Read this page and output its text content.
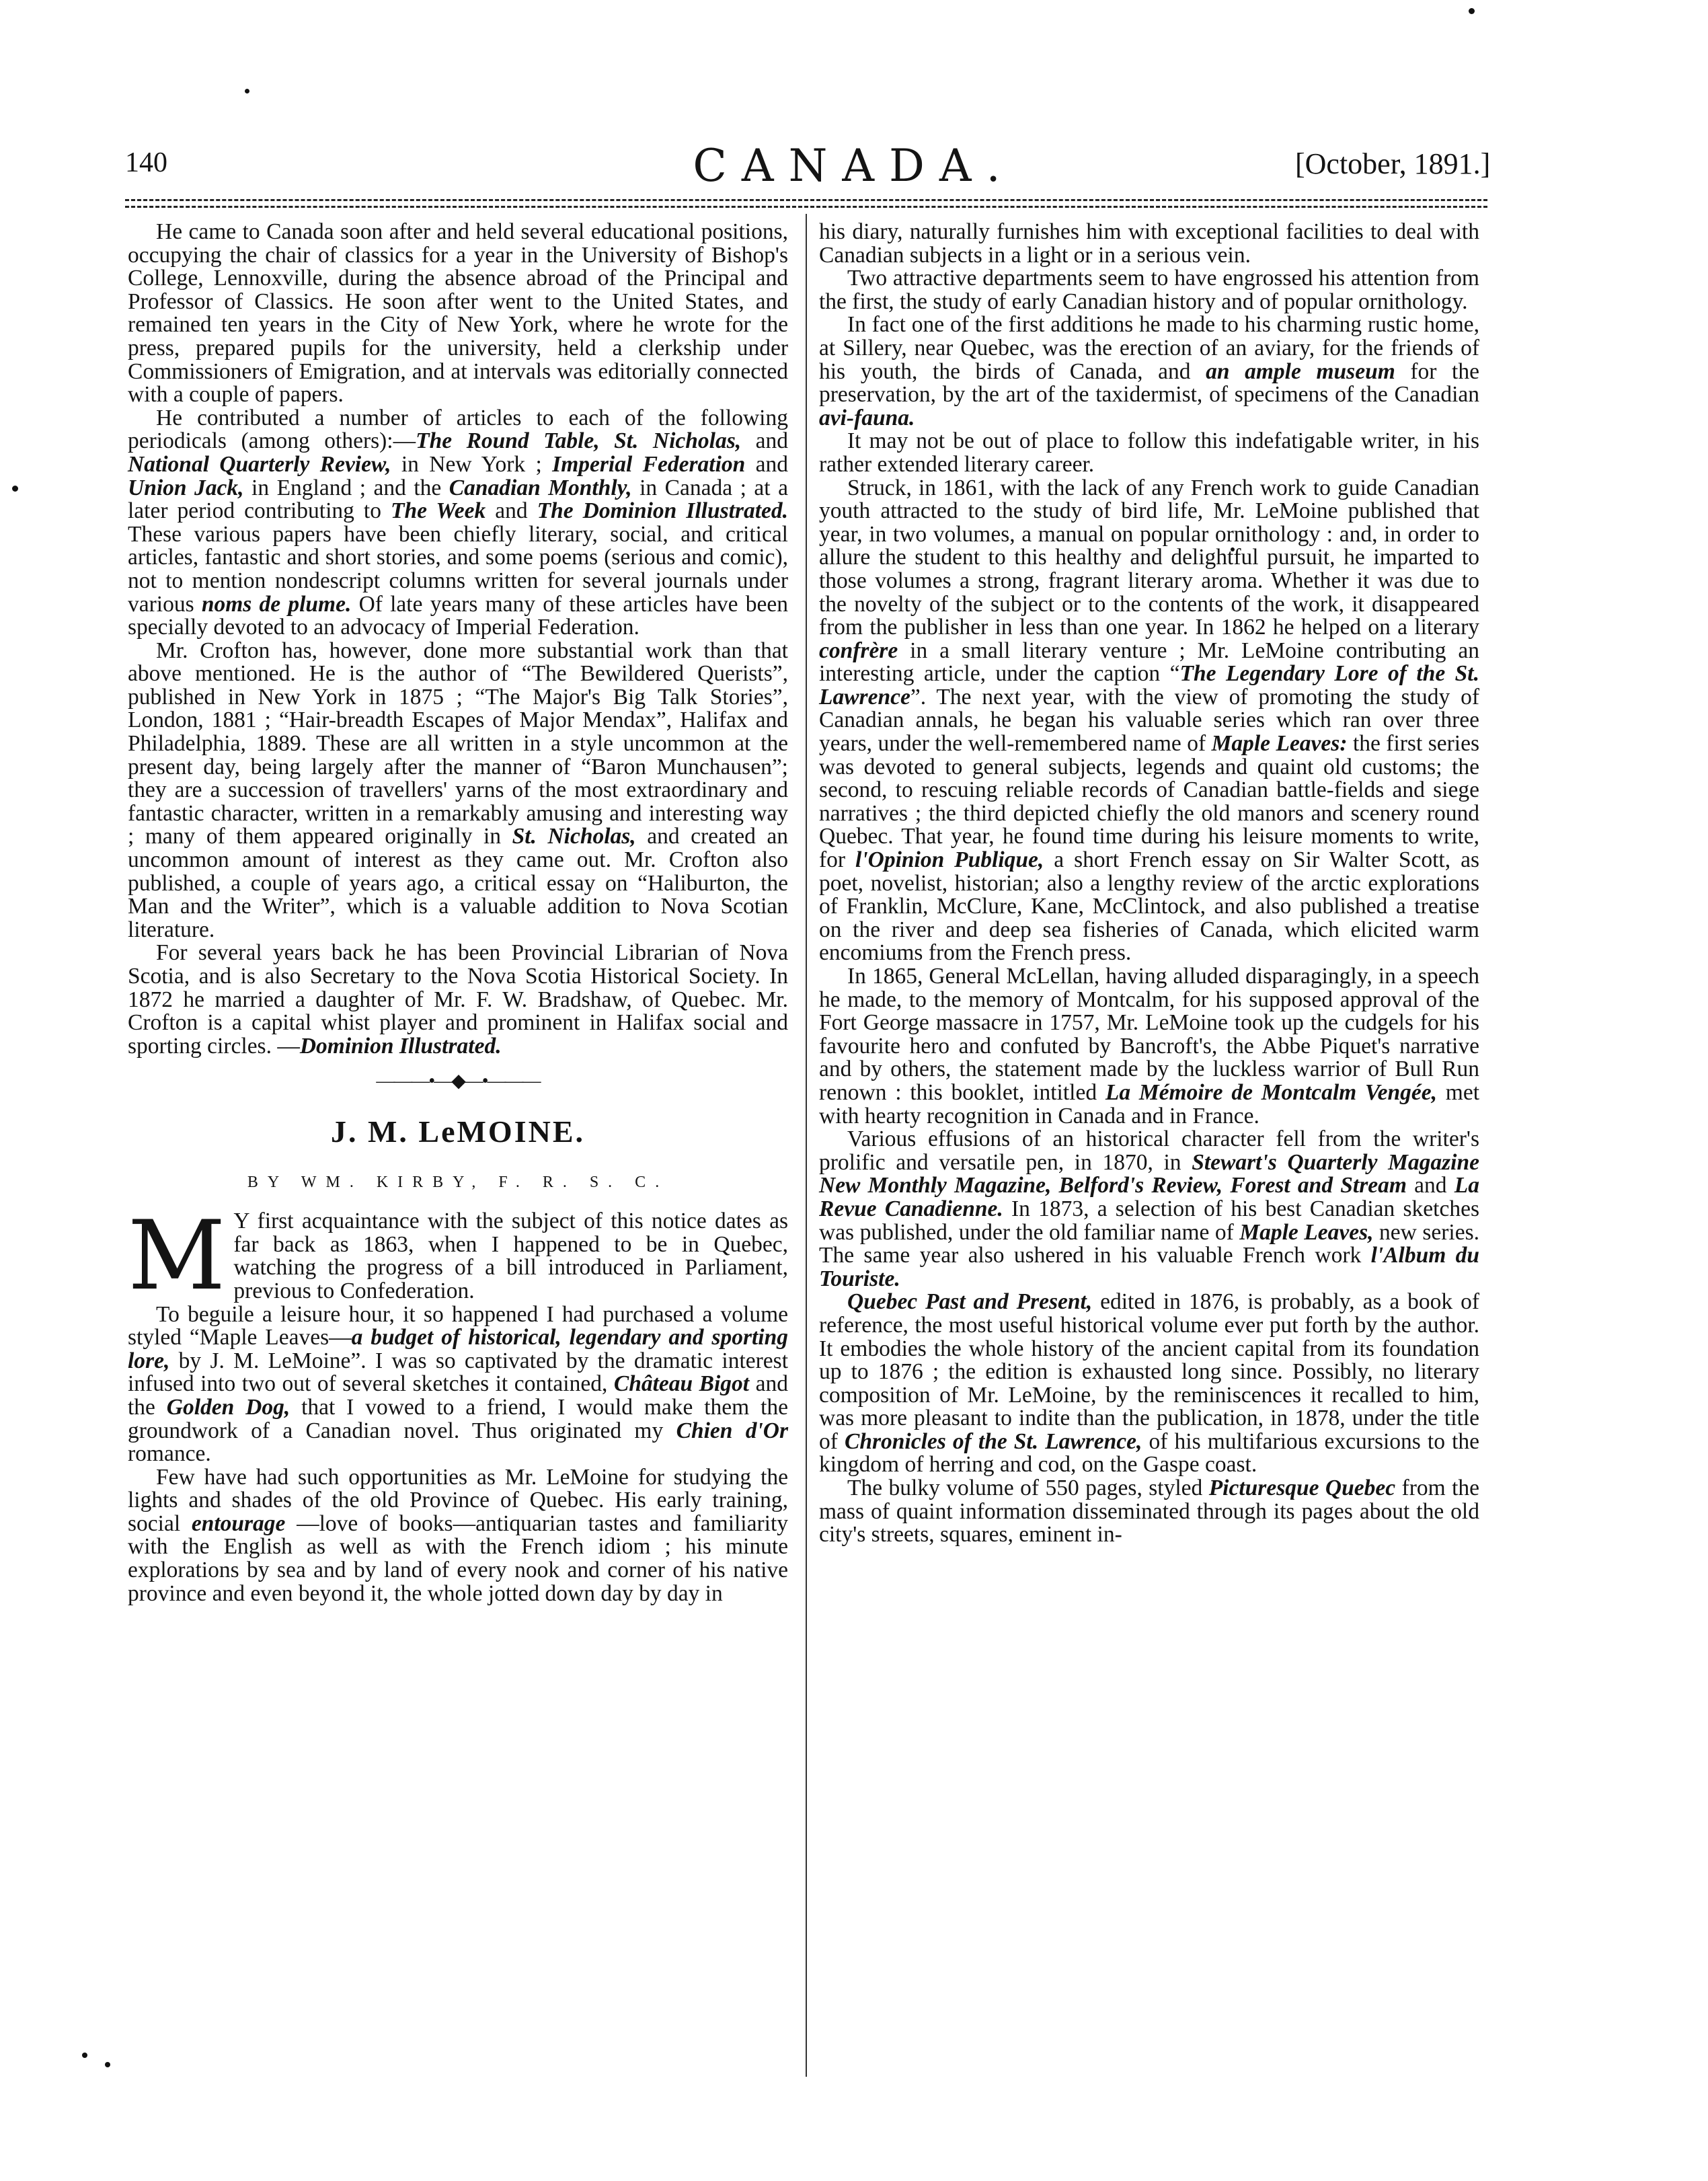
140	CANADA.	[October, 1891.]

He came to Canada soon after and held several educational positions, occupying the chair of classics for a year in the University of Bishop's College, Lennoxville, during the absence abroad of the Principal and Professor of Classics. He soon after went to the United States, and remained ten years in the City of New York, where he wrote for the press, prepared pupils for the university, held a clerkship under Commissioners of Emigration, and at intervals was editorially connected with a couple of papers.

He contributed a number of articles to each of the following periodicals (among others):—The Round Table, St. Nicholas, and National Quarterly Review, in New York ; Imperial Federation and Union Jack, in England ; and the Canadian Monthly, in Canada ; at a later period contributing to The Week and The Dominion Illustrated. These various papers have been chiefly literary, social, and critical articles, fantastic and short stories, and some poems (serious and comic), not to mention nondescript columns written for several journals under various noms de plume. Of late years many of these articles have been specially devoted to an advocacy of Imperial Federation.

Mr. Crofton has, however, done more substantial work than that above mentioned. He is the author of “The Bewildered Querists”, published in New York in 1875 ; “The Major's Big Talk Stories”, London, 1881 ; “Hair-breadth Escapes of Major Mendax”, Halifax and Philadelphia, 1889. These are all written in a style uncommon at the present day, being largely after the manner of “Baron Munchausen”; they are a succession of travellers' yarns of the most extraordinary and fantastic character, written in a remarkably amusing and interesting way ; many of them appeared originally in St. Nicholas, and created an uncommon amount of interest as they came out. Mr. Crofton also published, a couple of years ago, a critical essay on “Haliburton, the Man and the Writer”, which is a valuable addition to Nova Scotian literature.

For several years back he has been Provincial Librarian of Nova Scotia, and is also Secretary to the Nova Scotia Historical Society. In 1872 he married a daughter of Mr. F. W. Bradshaw, of Quebec. Mr. Crofton is a capital whist player and prominent in Halifax social and sporting circles. —Dominion Illustrated.

———•—◆—•———
J. M. LeMOINE.
BY WM. KIRBY, F. R. S. C.

M Y first acquaintance with the subject of this notice dates as far back as 1863, when I happened to be in Quebec, watching the progress of a bill introduced in Parliament, previous to Confederation.

To beguile a leisure hour, it so happened I had purchased a volume styled “Maple Leaves—a budget of historical, legendary and sporting lore, by J. M. LeMoine”. I was so captivated by the dramatic interest infused into two out of several sketches it contained, Château Bigot and the Golden Dog, that I vowed to a friend, I would make them the groundwork of a Canadian novel. Thus originated my Chien d'Or romance.

Few have had such opportunities as Mr. LeMoine for studying the lights and shades of the old Province of Quebec. His early training, social entourage —love of books—antiquarian tastes and familiarity with the English as well as with the French idiom ; his minute explorations by sea and by land of every nook and corner of his native province and even beyond it, the whole jotted down day by day in

his diary, naturally furnishes him with exceptional facilities to deal with Canadian subjects in a light or in a serious vein.

Two attractive departments seem to have engrossed his attention from the first, the study of early Canadian history and of popular ornithology.

In fact one of the first additions he made to his charming rustic home, at Sillery, near Quebec, was the erection of an aviary, for the friends of his youth, the birds of Canada, and an ample museum for the preservation, by the art of the taxidermist, of specimens of the Canadian avi-fauna.

It may not be out of place to follow this indefatigable writer, in his rather extended literary career.

Struck, in 1861, with the lack of any French work to guide Canadian youth attracted to the study of bird life, Mr. LeMoine published that year, in two volumes, a manual on popular ornithology : and, in order to allure the student to this healthy and delightful pursuit, he imparted to those volumes a strong, fragrant literary aroma. Whether it was due to the novelty of the subject or to the contents of the work, it disappeared from the publisher in less than one year. In 1862 he helped on a literary confrère in a small literary venture ; Mr. LeMoine contributing an interesting article, under the caption “The Legendary Lore of the St. Lawrence”. The next year, with the view of promoting the study of Canadian annals, he began his valuable series which ran over three years, under the well-remembered name of Maple Leaves: the first series was devoted to general subjects, legends and quaint old customs; the second, to rescuing reliable records of Canadian battle-fields and siege narratives ; the third depicted chiefly the old manors and scenery round Quebec. That year, he found time during his leisure moments to write, for l'Opinion Publique, a short French essay on Sir Walter Scott, as poet, novelist, historian; also a lengthy review of the arctic explorations of Franklin, McClure, Kane, McClintock, and also published a treatise on the river and deep sea fisheries of Canada, which elicited warm encomiums from the French press.

In 1865, General McLellan, having alluded disparagingly, in a speech he made, to the memory of Montcalm, for his supposed approval of the Fort George massacre in 1757, Mr. LeMoine took up the cudgels for his favourite hero and confuted by Bancroft's, the Abbe Piquet's narrative and by others, the statement made by the luckless warrior of Bull Run renown : this booklet, intitled La Mémoire de Montcalm Vengée, met with hearty recognition in Canada and in France.

Various effusions of an historical character fell from the writer's prolific and versatile pen, in 1870, in Stewart's Quarterly Magazine New Monthly Magazine, Belford's Review, Forest and Stream and La Revue Canadienne. In 1873, a selection of his best Canadian sketches was published, under the old familiar name of Maple Leaves, new series. The same year also ushered in his valuable French work l'Album du Touriste.

Quebec Past and Present, edited in 1876, is probably, as a book of reference, the most useful historical volume ever put forth by the author. It embodies the whole history of the ancient capital from its foundation up to 1876 ; the edition is exhausted long since. Possibly, no literary composition of Mr. LeMoine, by the reminiscences it recalled to him, was more pleasant to indite than the publication, in 1878, under the title of Chronicles of the St. Lawrence, of his multifarious excursions to the kingdom of herring and cod, on the Gaspe coast.

The bulky volume of 550 pages, styled Picturesque Quebec from the mass of quaint information disseminated through its pages about the old city's streets, squares, eminent in-
